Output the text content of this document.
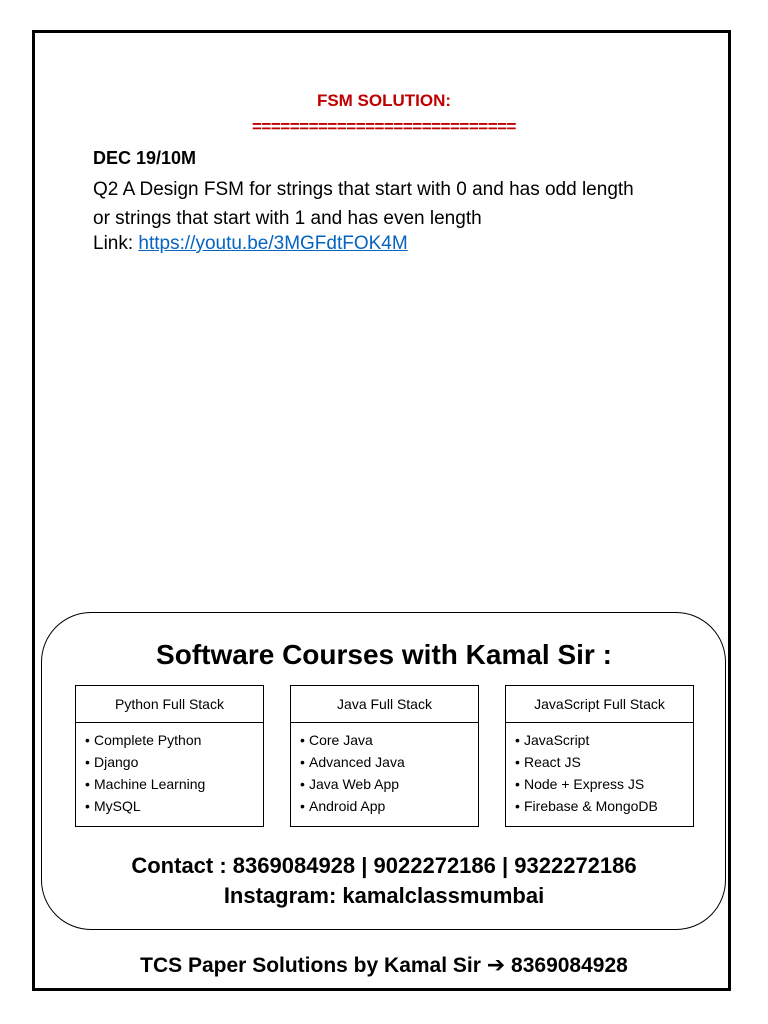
FSM SOLUTION:
============================
DEC 19/10M
Q2 A Design FSM for strings that start with 0 and has odd length or strings that start with 1 and has even length
Link: https://youtu.be/3MGFdtFOK4M
Software Courses with Kamal Sir :
Python Full Stack
• Complete Python
• Django
• Machine Learning
• MySQL
Java Full Stack
• Core Java
• Advanced Java
• Java Web App
• Android App
JavaScript Full Stack
• JavaScript
• React JS
• Node + Express JS
• Firebase & MongoDB
Contact : 8369084928 | 9022272186 | 9322272186
Instagram: kamalclassmumbai
TCS Paper Solutions by Kamal Sir ➔ 8369084928
